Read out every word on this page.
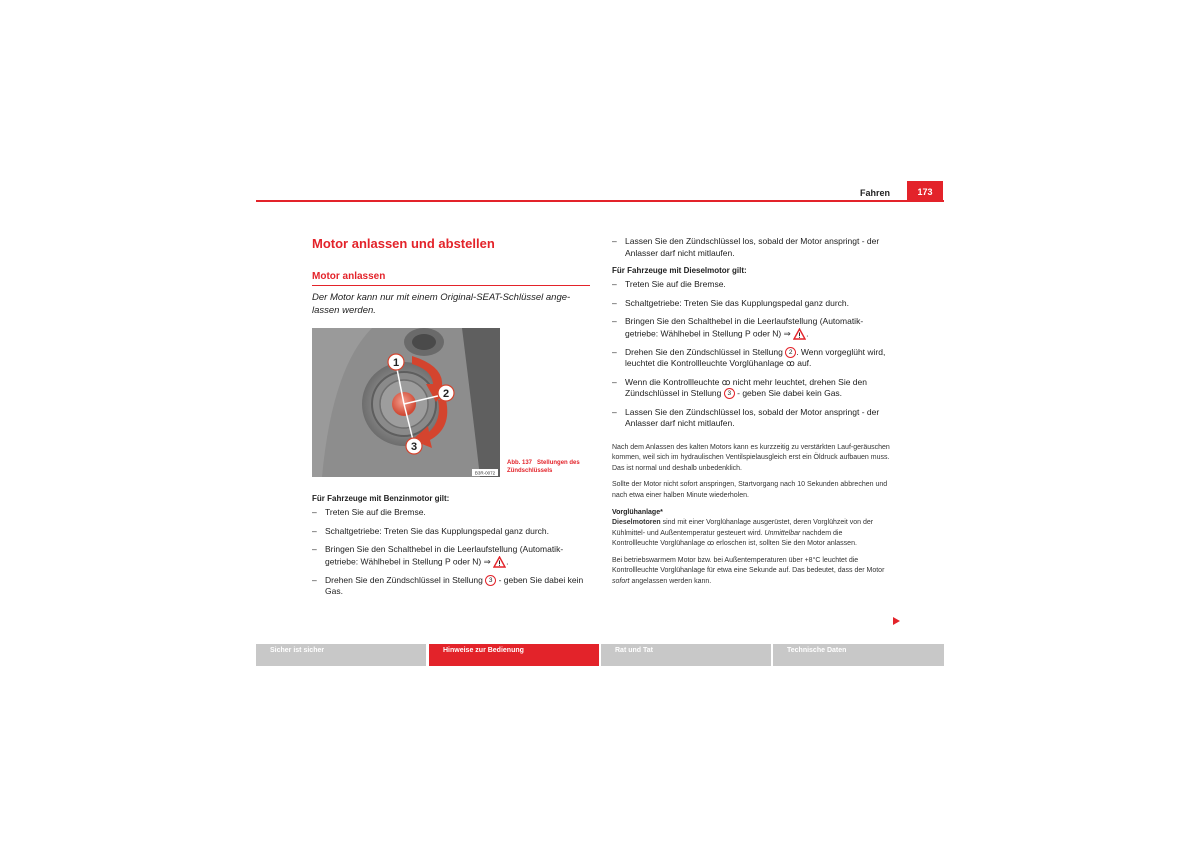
Fahren	173
Motor anlassen und abstellen
Motor anlassen

Der Motor kann nur mit einem Original-SEAT-Schlüssel ange-lassen werden.

1
2
3
B3R-0072
Abb. 137 Stellungen des Zündschlüssels

Für Fahrzeuge mit Benzinmotor gilt:

– Treten Sie auf die Bremse.
– Schaltgetriebe: Treten Sie das Kupplungspedal ganz durch.
– Bringen Sie den Schalthebel in die Leerlaufstellung (Automatik-getriebe: Wählhebel in Stellung P oder N) ⇒ .
– Drehen Sie den Zündschlüssel in Stellung 3 - geben Sie dabei kein Gas.
– Lassen Sie den Zündschlüssel los, sobald der Motor anspringt - der Anlasser darf nicht mitlaufen.

Für Fahrzeuge mit Dieselmotor gilt:

– Treten Sie auf die Bremse.
– Schaltgetriebe: Treten Sie das Kupplungspedal ganz durch.
– Bringen Sie den Schalthebel in die Leerlaufstellung (Automatik-getriebe: Wählhebel in Stellung P oder N) ⇒ .
– Drehen Sie den Zündschlüssel in Stellung 2 . Wenn vorgeglüht wird, leuchtet die Kontrollleuchte Vorglühanlage ꝏ auf.
– Wenn die Kontrollleuchte ꝏ nicht mehr leuchtet, drehen Sie den Zündschlüssel in Stellung 3 - geben Sie dabei kein Gas.
– Lassen Sie den Zündschlüssel los, sobald der Motor anspringt - der Anlasser darf nicht mitlaufen.

Nach dem Anlassen des kalten Motors kann es kurzzeitig zu verstärkten Lauf-geräuschen kommen, weil sich im hydraulischen Ventilspielausgleich erst ein Öldruck aufbauen muss. Das ist normal und deshalb unbedenklich.

Sollte der Motor nicht sofort anspringen, Startvorgang nach 10 Sekunden abbrechen und nach etwa einer halben Minute wiederholen.

Vorglühanlage*

Dieselmotoren sind mit einer Vorglühanlage ausgerüstet, deren Vorglühzeit von der Kühlmittel- und Außentemperatur gesteuert wird. Unmittelbar nachdem die Kontrollleuchte Vorglühanlage ꝏ erloschen ist, sollten Sie den Motor anlassen.

Bei betriebswarmem Motor bzw. bei Außentemperaturen über +8°C leuchtet die Kontrollleuchte Vorglühanlage für etwa eine Sekunde auf. Das bedeutet, dass der Motor sofort angelassen werden kann.

Sicher ist sicher	Hinweise zur Bedienung	Rat und Tat	Technische Daten
